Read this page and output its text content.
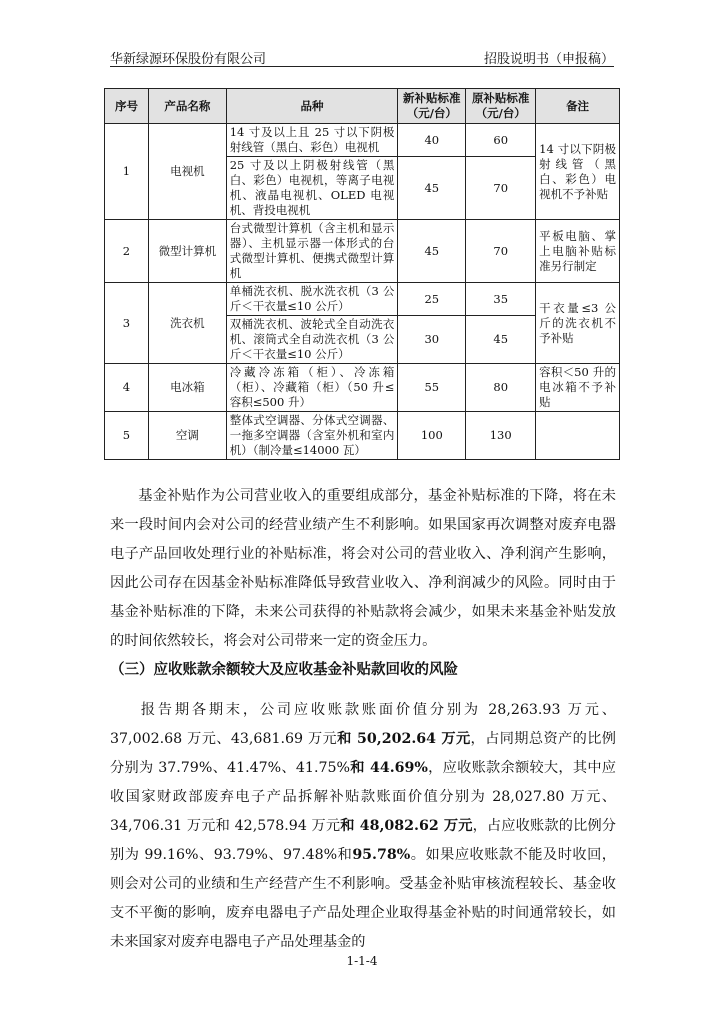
华新绿源环保股份有限公司	招股说明书（申报稿）
序号	产品名称	品种	新补贴标准（元/台）	原补贴标准（元/台）	备注
1	电视机	14 寸及以上且 25 寸以下阴极射线管（黑白、彩色）电视机	40	60	14 寸以下阴极射线管（黑白、彩色）电视机不予补贴
		25 寸及以上阴极射线管（黑白、彩色）电视机，等离子电视机、液晶电视机、OLED 电视机、背投电视机	45	70	
2	微型计算机	台式微型计算机（含主机和显示器）、主机显示器一体形式的台式微型计算机、便携式微型计算机	45	70	平板电脑、掌上电脑补贴标准另行制定
3	洗衣机	单桶洗衣机、脱水洗衣机（3 公斤＜干衣量≤10 公斤）	25	35	干衣量≤3 公斤的洗衣机不予补贴
		双桶洗衣机、波轮式全自动洗衣机、滚筒式全自动洗衣机（3 公斤＜干衣量≤10 公斤）	30	45	
4	电冰箱	冷藏冷冻箱（柜）、冷冻箱（柜）、冷藏箱（柜）（50 升≤容积≤500 升）	55	80	容积＜50 升的电冰箱不予补贴
5	空调	整体式空调器、分体式空调器、一拖多空调器（含室外机和室内机）（制冷量≤14000 瓦）	100	130	

基金补贴作为公司营业收入的重要组成部分，基金补贴标准的下降，将在未来一段时间内会对公司的经营业绩产生不利影响。如果国家再次调整对废弃电器电子产品回收处理行业的补贴标准，将会对公司的营业收入、净利润产生影响，因此公司存在因基金补贴标准降低导致营业收入、净利润减少的风险。同时由于基金补贴标准的下降，未来公司获得的补贴款将会减少，如果未来基金补贴发放的时间依然较长，将会对公司带来一定的资金压力。

（三）应收账款余额较大及应收基金补贴款回收的风险

报告期各期末，公司应收账款账面价值分别为 28,263.93 万元、37,002.68 万元、43,681.69 万元和 50,202.64 万元，占同期总资产的比例分别为 37.79%、41.47%、41.75%和 44.69%，应收账款余额较大，其中应收国家财政部废弃电子产品拆解补贴款账面价值分别为 28,027.80 万元、34,706.31 万元和 42,578.94 万元和 48,082.62 万元，占应收账款的比例分别为 99.16%、93.79%、97.48%和95.78%。如果应收账款不能及时收回，则会对公司的业绩和生产经营产生不利影响。受基金补贴审核流程较长、基金收支不平衡的影响，废弃电器电子产品处理企业取得基金补贴的时间通常较长，如未来国家对废弃电器电子产品处理基金的

1-1-4
